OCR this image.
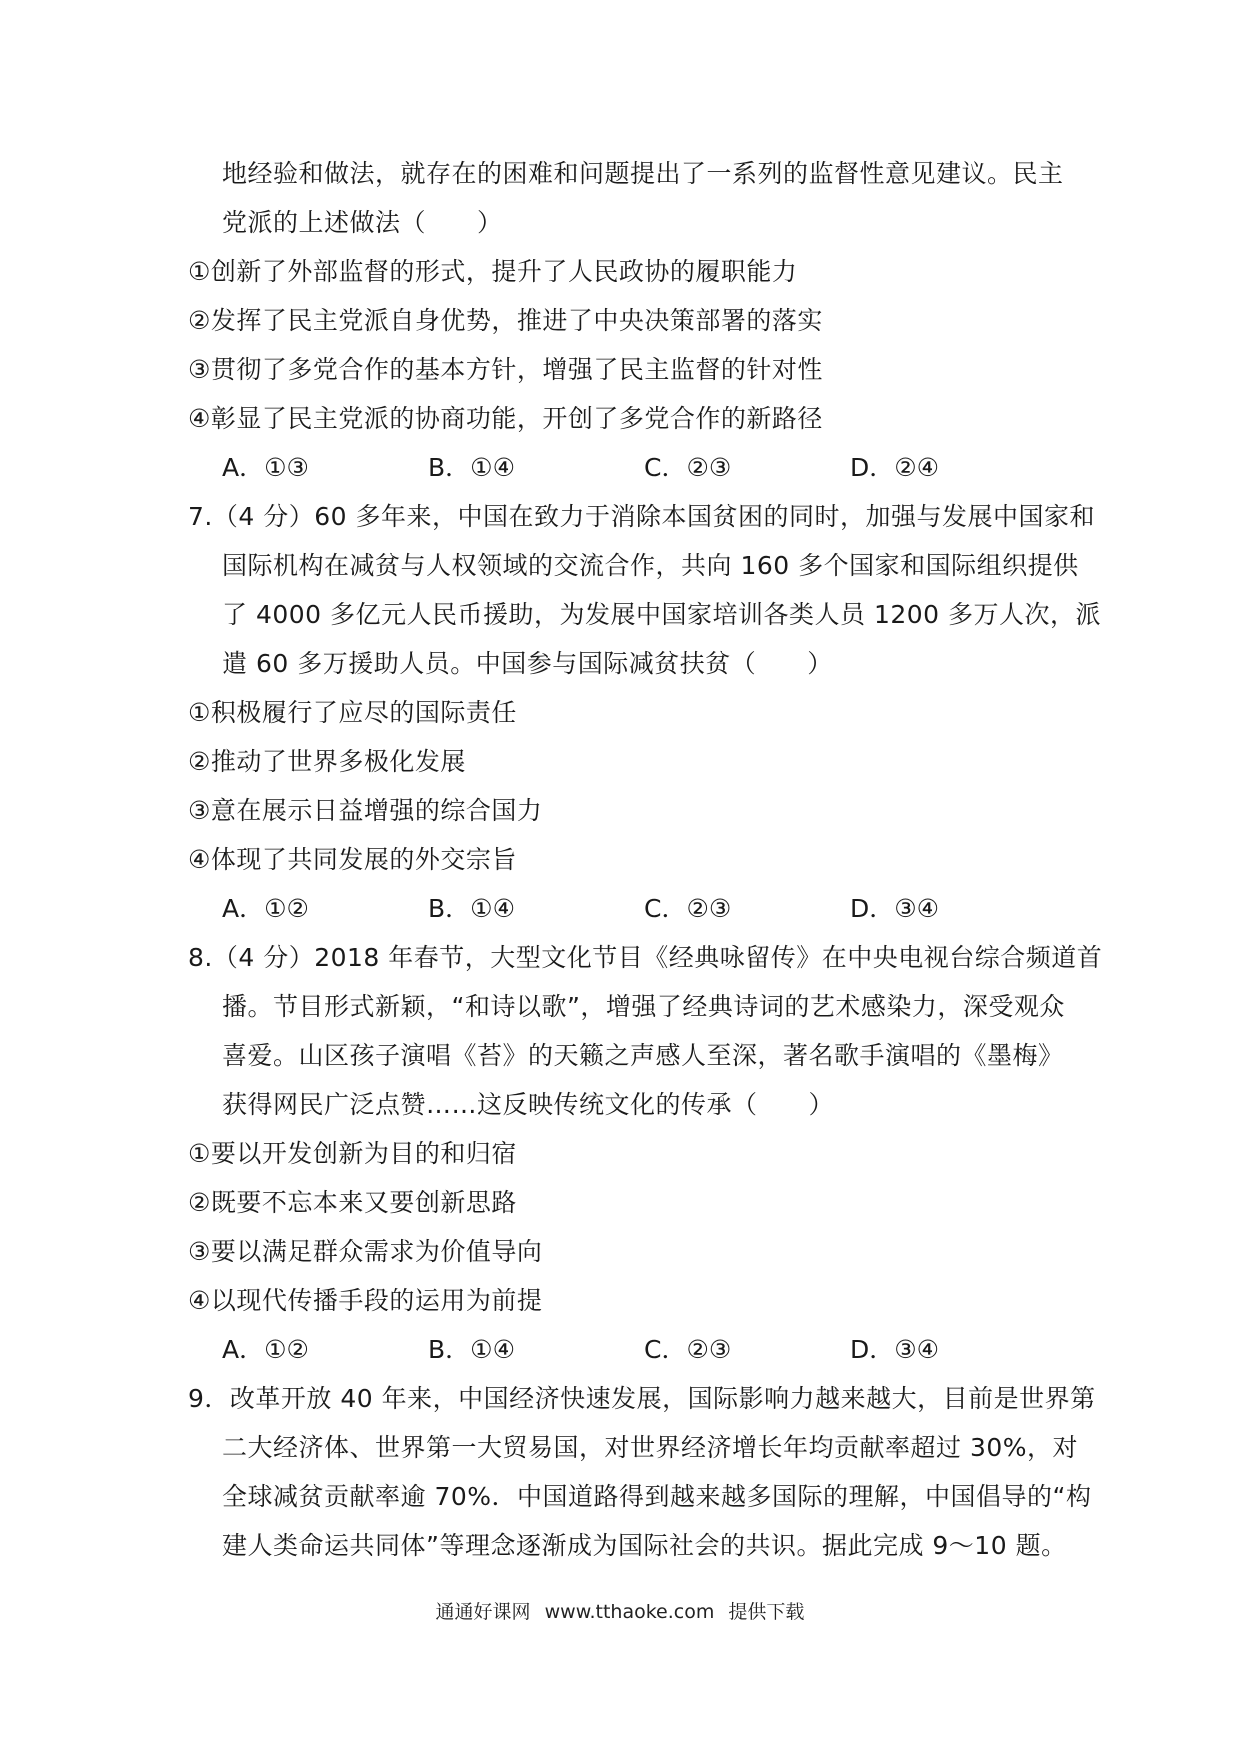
地经验和做法，就存在的困难和问题提出了一系列的监督性意见建议。民主
党派的上述做法（　　）
①创新了外部监督的形式，提升了人民政协的履职能力
②发挥了民主党派自身优势，推进了中央决策部署的落实
③贯彻了多党合作的基本方针，增强了民主监督的针对性
④彰显了民主党派的协商功能，开创了多党合作的新路径
A．①③	B．①④	C．②③	D．②④
7.（4 分）60 多年来，中国在致力于消除本国贫困的同时，加强与发展中国家和
国际机构在减贫与人权领域的交流合作，共向 160 多个国家和国际组织提供
了 4000 多亿元人民币援助，为发展中国家培训各类人员 1200 多万人次，派
遣 60 多万援助人员。中国参与国际减贫扶贫（　　）
①积极履行了应尽的国际责任
②推动了世界多极化发展
③意在展示日益增强的综合国力
④体现了共同发展的外交宗旨
A．①②	B．①④	C．②③	D．③④
8.（4 分）2018 年春节，大型文化节目《经典咏留传》在中央电视台综合频道首
播。节目形式新颖，“和诗以歌”，增强了经典诗词的艺术感染力，深受观众
喜爱。山区孩子演唱《苔》的天籁之声感人至深，著名歌手演唱的《墨梅》
获得网民广泛点赞……这反映传统文化的传承（　　）
①要以开发创新为目的和归宿
②既要不忘本来又要创新思路
③要以满足群众需求为价值导向
④以现代传播手段的运用为前提
A．①②	B．①④	C．②③	D．③④
9．改革开放 40 年来，中国经济快速发展，国际影响力越来越大，目前是世界第
二大经济体、世界第一大贸易国，对世界经济增长年均贡献率超过 30%，对
全球减贫贡献率逾 70%．中国道路得到越来越多国际的理解，中国倡导的“构
建人类命运共同体”等理念逐渐成为国际社会的共识。据此完成 9～10 题。
通通好课网 www.tthaoke.com 提供下载
